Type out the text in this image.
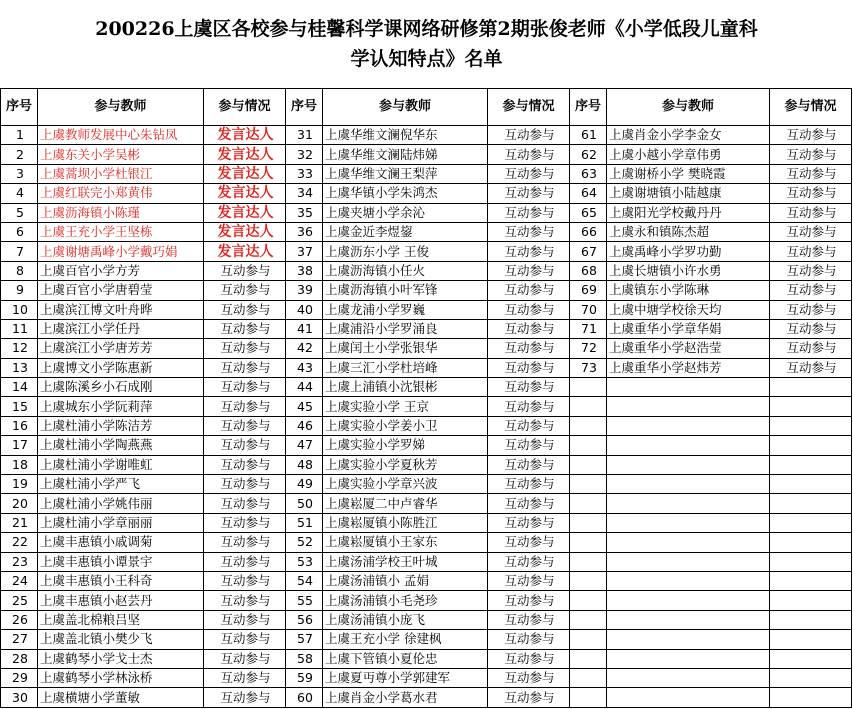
200226上虞区各校参与桂馨科学课网络研修第2期张俊老师《小学低段儿童科
学认知特点》名单
序号	参与教师	参与情况	序号	参与教师	参与情况	序号	参与教师	参与情况
1	上虞教师发展中心朱钻凤	发言达人	31	上虞华维文澜倪华东	互动参与	61	上虞肖金小学李金女	互动参与
2	上虞东关小学吴彬	发言达人	32	上虞华维文澜陆炜娣	互动参与	62	上虞小越小学章伟勇	互动参与
3	上虞蒿坝小学杜银江	发言达人	33	上虞华维文澜王梨萍	互动参与	63	上虞谢桥小学 樊晓霞	互动参与
4	上虞红联完小郑黄伟	发言达人	34	上虞华镇小学朱鸿杰	互动参与	64	上虞谢塘镇小陆越康	互动参与
5	上虞沥海镇小陈瑾	发言达人	35	上虞夹塘小学余沁	互动参与	65	上虞阳光学校戴丹丹	互动参与
6	上虞王充小学王坚栋	发言达人	36	上虞金近李煜鋆	互动参与	66	上虞永和镇陈杰超	互动参与
7	上虞谢塘禹峰小学戴巧娟	发言达人	37	上虞沥东小学 王俊	互动参与	67	上虞禹峰小学罗功勤	互动参与
8	上虞百官小学方芳	互动参与	38	上虞沥海镇小任火	互动参与	68	上虞长塘镇小许水勇	互动参与
9	上虞百官小学唐碧莹	互动参与	39	上虞沥海镇小叶军锋	互动参与	69	上虞镇东小学陈琳	互动参与
10	上虞滨江博文叶舟晔	互动参与	40	上虞龙浦小学罗巍	互动参与	70	上虞中塘学校徐天均	互动参与
11	上虞滨江小学任丹	互动参与	41	上虞浦沿小学罗涌良	互动参与	71	上虞重华小学章华娟	互动参与
12	上虞滨江小学唐芳芳	互动参与	42	上虞闰土小学张银华	互动参与	72	上虞重华小学赵浩莹	互动参与
13	上虞博文小学陈惠新	互动参与	43	上虞三汇小学杜培峰	互动参与	73	上虞重华小学赵炜芳	互动参与
14	上虞陈溪乡小石成刚	互动参与	44	上虞上浦镇小沈银彬	互动参与			
15	上虞城东小学阮莉萍	互动参与	45	上虞实验小学 王京	互动参与			
16	上虞杜浦小学陈洁芳	互动参与	46	上虞实验小学姜小卫	互动参与			
17	上虞杜浦小学陶燕燕	互动参与	47	上虞实验小学罗娣	互动参与			
18	上虞杜浦小学谢唯虹	互动参与	48	上虞实验小学夏秋芳	互动参与			
19	上虞杜浦小学严飞	互动参与	49	上虞实验小学章兴波	互动参与			
20	上虞杜浦小学姚伟丽	互动参与	50	上虞崧厦二中卢睿华	互动参与			
21	上虞杜浦小学章丽丽	互动参与	51	上虞崧厦镇小陈胜江	互动参与			
22	上虞丰惠镇小戚调菊	互动参与	52	上虞崧厦镇小王家东	互动参与			
23	上虞丰惠镇小谭景宇	互动参与	53	上虞汤浦学校王叶城	互动参与			
24	上虞丰惠镇小王科奇	互动参与	54	上虞汤浦镇小 孟娟	互动参与			
25	上虞丰惠镇小赵芸丹	互动参与	55	上虞汤浦镇小毛尧珍	互动参与			
26	上虞盖北棉粮吕坚	互动参与	56	上虞汤浦镇小庞飞	互动参与			
27	上虞盖北镇小樊少飞	互动参与	57	上虞王充小学 徐建枫	互动参与			
28	上虞鹤琴小学戈士杰	互动参与	58	上虞下管镇小夏伦忠	互动参与			
29	上虞鹤琴小学林泳桥	互动参与	59	上虞夏丏尊小学郭建军	互动参与			
30	上虞横塘小学董敏	互动参与	60	上虞肖金小学葛水君	互动参与			
